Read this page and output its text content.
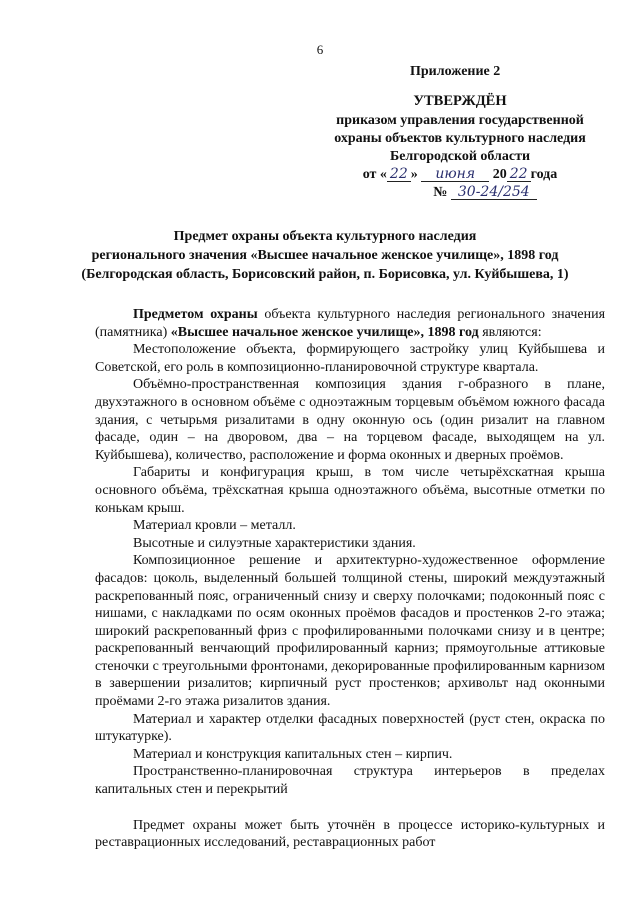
6
Приложение 2
УТВЕРЖДЁН
приказом управления государственной
охраны объектов культурного наследия
Белгородской области
от « 22 » июня 20 22 года
№ 30-24/254
Предмет охраны объекта культурного наследия
регионального значения «Высшее начальное женское училище», 1898 год
(Белгородская область, Борисовский район, п. Борисовка, ул. Куйбышева, 1)

Предметом охраны объекта культурного наследия регионального значения (памятника) «Высшее начальное женское училище», 1898 год являются:

Местоположение объекта, формирующего застройку улиц Куйбышева и Советской, его роль в композиционно-планировочной структуре квартала.

Объёмно-пространственная композиция здания г-образного в плане, двухэтажного в основном объёме с одноэтажным торцевым объёмом южного фасада здания, с четырьмя ризалитами в одну оконную ось (один ризалит на главном фасаде, один – на дворовом, два – на торцевом фасаде, выходящем на ул. Куйбышева), количество, расположение и форма оконных и дверных проёмов.

Габариты и конфигурация крыш, в том числе четырёхскатная крыша основного объёма, трёхскатная крыша одноэтажного объёма, высотные отметки по конькам крыш.

Материал кровли – металл.

Высотные и силуэтные характеристики здания.

Композиционное решение и архитектурно-художественное оформление фасадов: цоколь, выделенный большей толщиной стены, широкий междуэтажный раскрепованный пояс, ограниченный снизу и сверху полочками; подоконный пояс с нишами, с накладками по осям оконных проёмов фасадов и простенков 2-го этажа; широкий раскрепованный фриз с профилированными полочками снизу и в центре; раскрепованный венчающий профилированный карниз; прямоугольные аттиковые стеночки с треугольными фронтонами, декорированные профилированным карнизом в завершении ризалитов; кирпичный руст простенков; архивольт над оконными проёмами 2-го этажа ризалитов здания.

Материал и характер отделки фасадных поверхностей (руст стен, окраска по штукатурке).

Материал и конструкция капитальных стен – кирпич.

Пространственно-планировочная структура интерьеров в пределах капитальных стен и перекрытий

Предмет охраны может быть уточнён в процессе историко-культурных и реставрационных исследований, реставрационных работ
